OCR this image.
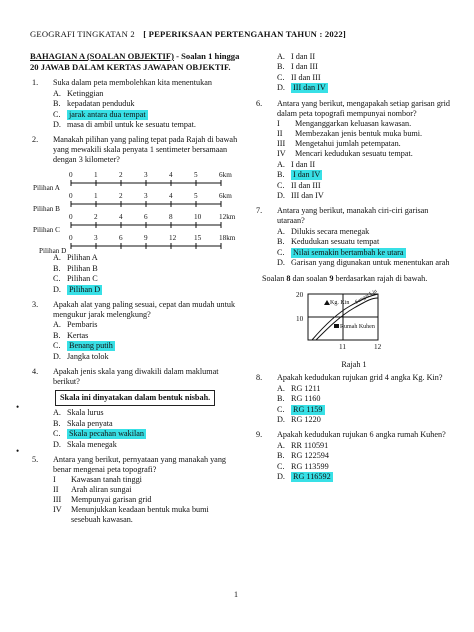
GEOGRAFI TINGKATAN 2 [ PEPERIKSAAN PERTENGAHAN TAHUN : 2022]
BAHAGIAN A (SOALAN OBJEKTIF) - Soalan 1 hingga 20 JAWAB DALAM KERTAS JAWAPAN OBJEKTIF.
1.	Suka dalam peta membolehkan kita menentukan
A. Ketinggian
B. kepadatan penduduk
C.	jarak antara dua tempat
D. masa di ambil untuk ke sesuatu tempat.
2.	Manakah pilihan yang paling tepat pada Rajah di bawah yang mewakili skala penyata 1 sentimeter bersamaan dengan 3 kilometer?
Pilihan A
Pilihan B
Pilihan C
Pilihan D
0	1	2	3	4	5	6km
0	1	2	3	4	5	6km
0	2	4	6	8	10 12km
0	3	6	9	12 15 18km
A. Pilihan A
B. Pilihan B
C. Pilihan C
D. Pilihan D
3.	Apakah alat yang paling sesuai, cepat dan mudah untuk mengukur jarak melengkung?
A. Pembaris
B. Kertas
C.	Benang putih
D. Jangka tolok
4.	Apakah jenis skala yang diwakili dalam maklumat berikut?
Skala ini dinyatakan dalam bentuk nisbah.
A. Skala lurus
B. Skala penyata
C.	Skala pecahan wakilan
D. Skala menegak
5.	Antara yang berikut, pernyataan yang manakah yang benar mengenai peta topografi?
I	Kawasan tanah tinggi
II	Arah aliran sungai
III	Mempunyai garisan grid
IV	Menunjukkan keadaan bentuk muka bumi sesebuah kawasan.
A. I dan II
B. I dan III
C. II dan III
D. III dan IV
6.	Antara yang berikut, mengapakah setiap garisan grid dalam peta topografi mempunyai nombor?
I	Menganggarkan keluasan kawasan.
II	Membezakan jenis bentuk muka bumi.
III	Mengetahui jumlah petempatan.
IV	Mencari kedudukan sesuatu tempat.
A. I dan II
B.	I dan IV
C. II dan III
D. III dan IV
7.	Antara yang berikut, manakah ciri-ciri garisan utaraan?
A. Dilukis secara menegak
B. Kedudukan sesuatu tempat
C.	Nilai semakin bertambah ke utara
D. Garisan yang digunakan untuk menentukan arah
Soalan 8 dan soalan 9 berdasarkan rajah di bawah.
20
10
11	12
Kg. Kin
Rumah Kuhen
Sungai Liu
Rajah 1
8.	Apakah kedudukan rujukan grid 4 angka Kg. Kin?
A. RG 1211
B. RG 1160
C.	RG 1159
D. RG 1220
9.	Apakah kedudukan rujukan 6 angka rumah Kuhen?
A. RR 110591
B. RG 122594
C. RG 113599
D. RG 116592
•
•
1
